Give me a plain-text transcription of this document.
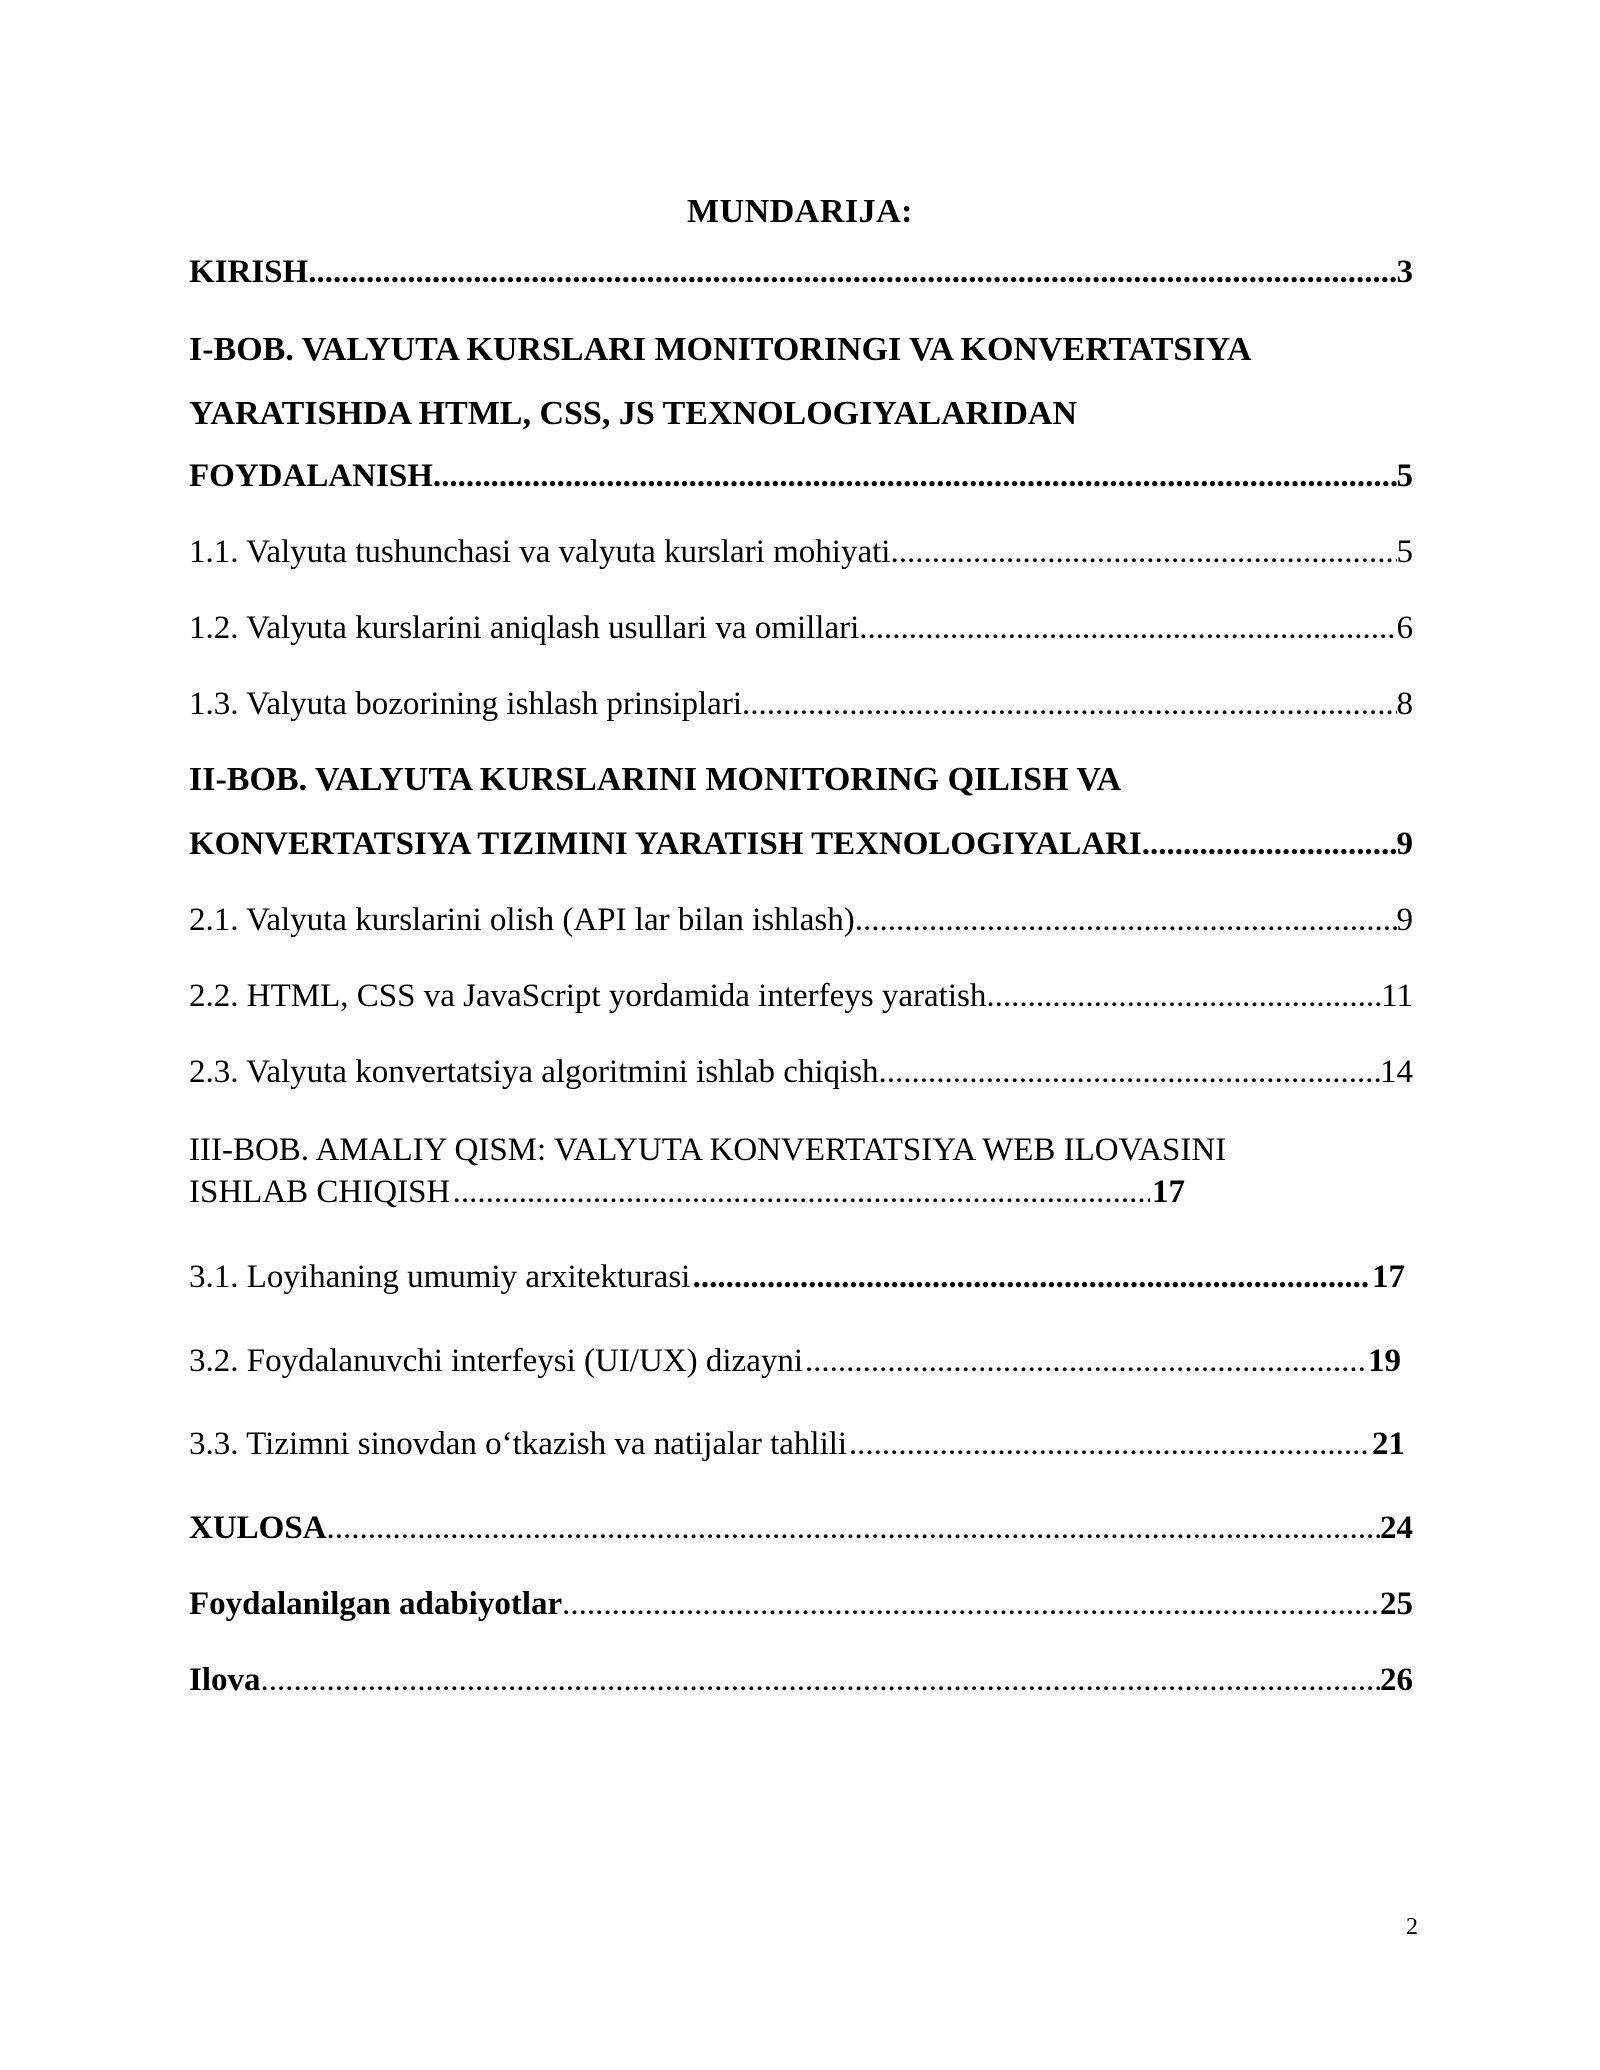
MUNDARIJA:
KIRISH .....	3
I-BOB. VALYUTA KURSLARI MONITORINGI VA KONVERTATSIYA
YARATISHDA HTML, CSS, JS TEXNOLOGIYALARIDAN
FOYDALANISH .....	5
1.1. Valyuta tushunchasi va valyuta kurslari mohiyati .....	5
1.2. Valyuta kurslarini aniqlash usullari va omillari .....	6
1.3. Valyuta bozorining ishlash prinsiplari .....	8
II-BOB. VALYUTA KURSLARINI MONITORING QILISH VA
KONVERTATSIYA TIZIMINI YARATISH TEXNOLOGIYALARI .....	9
2.1. Valyuta kurslarini olish (API lar bilan ishlash) .....	9
2.2. HTML, CSS va JavaScript yordamida interfeys yaratish .....	11
2.3. Valyuta konvertatsiya algoritmini ishlab chiqish .....	14
III-BOB. AMALIY QISM: VALYUTA KONVERTATSIYA WEB ILOVASINI
ISHLAB CHIQISH .....	17
3.1. Loyihaning umumiy arxitekturasi .....	17
3.2. Foydalanuvchi interfeysi (UI/UX) dizayni .....	19
3.3. Tizimni sinovdan o‘tkazish va natijalar tahlili .....	21
XULOSA .....	24
Foydalanilgan adabiyotlar .....	25
Ilova .....	26
2
